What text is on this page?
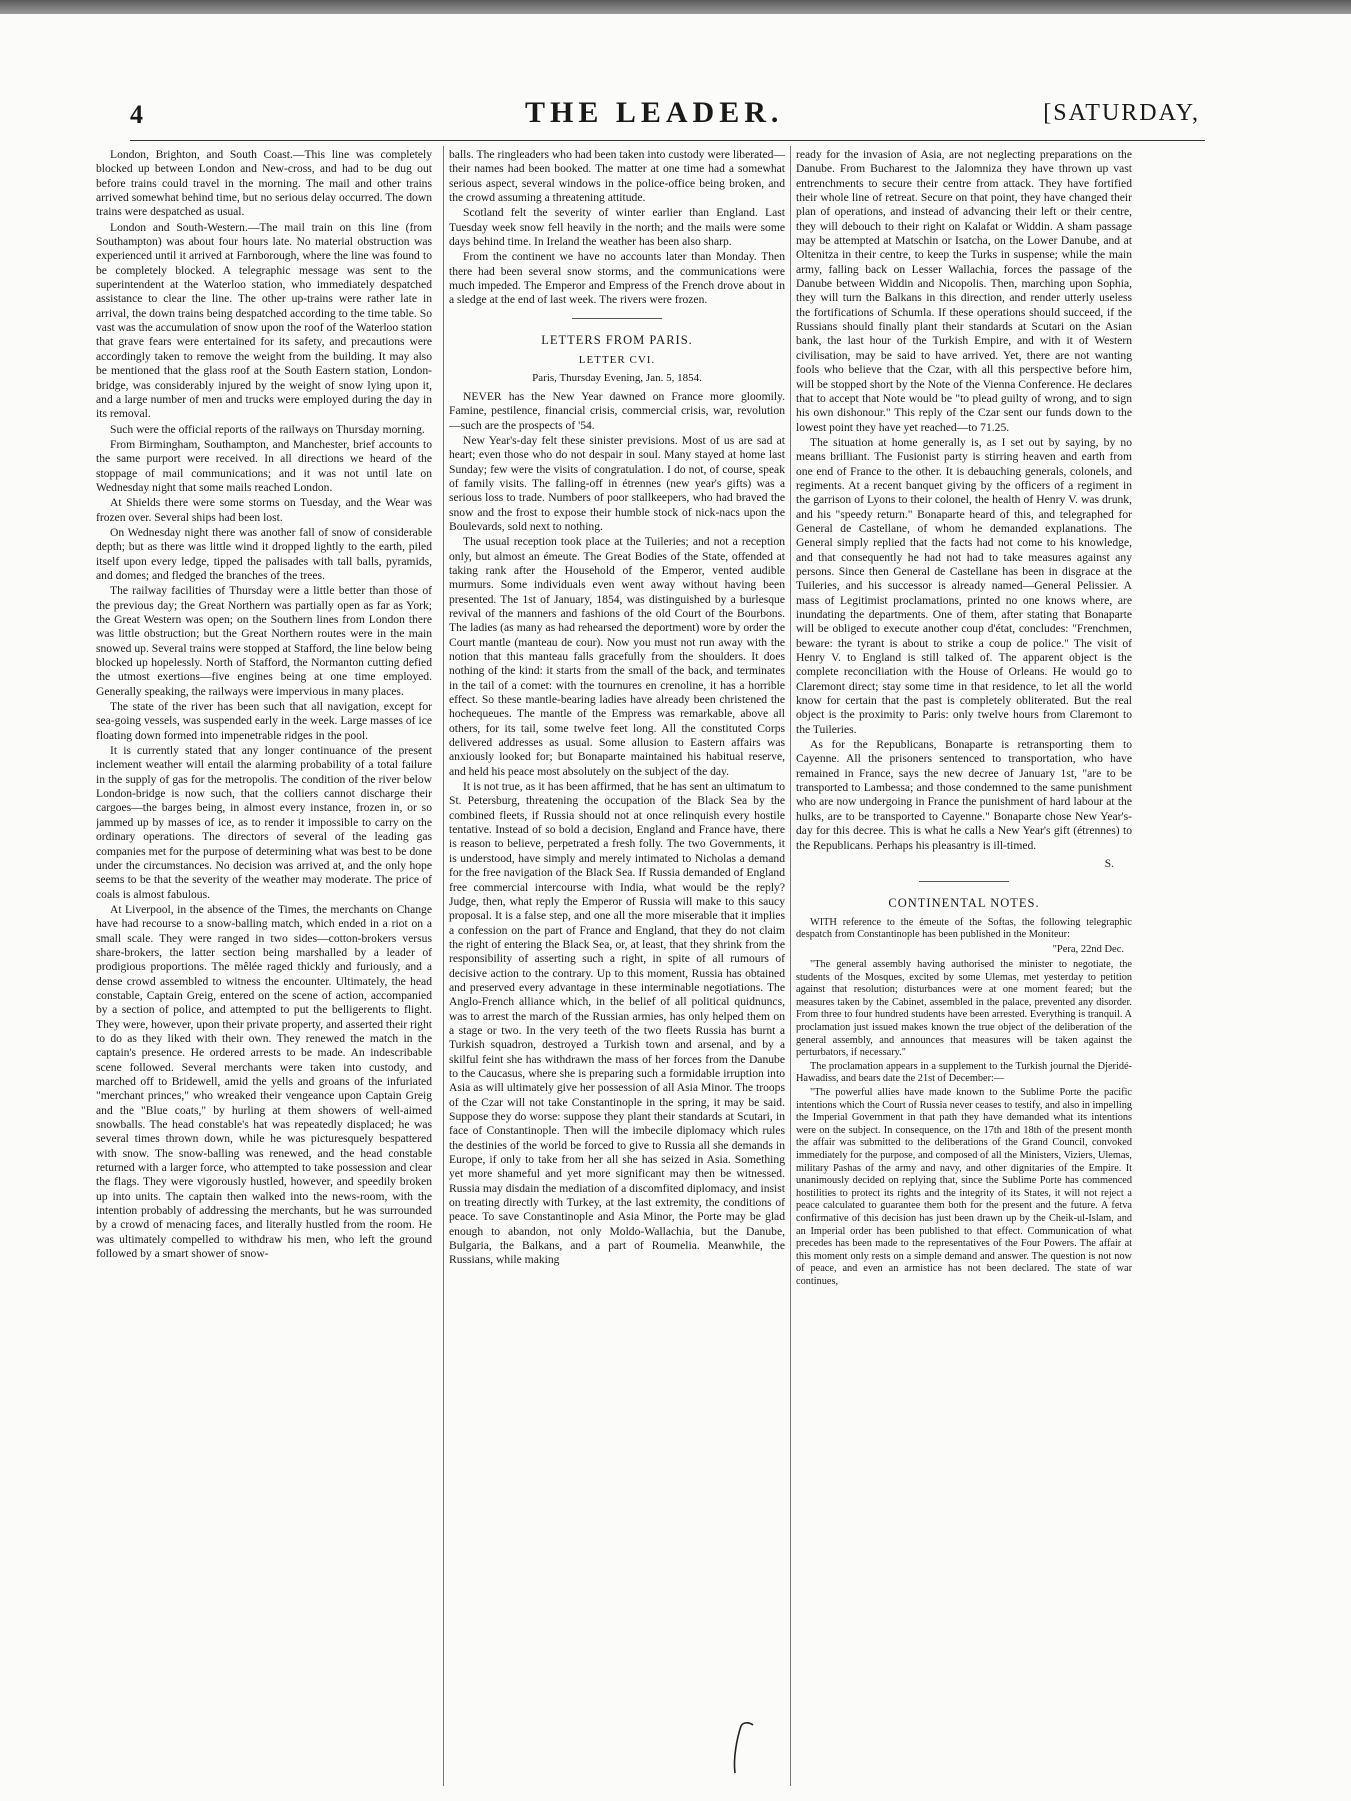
4	THE LEADER.	[SATURDAY,

London, Brighton, and South Coast.—This line was completely blocked up between London and New-cross, and had to be dug out before trains could travel in the morning. The mail and other trains arrived somewhat behind time, but no serious delay occurred. The down trains were despatched as usual.

London and South-Western.—The mail train on this line (from Southampton) was about four hours late. No material obstruction was experienced until it arrived at Farnborough, where the line was found to be completely blocked. A telegraphic message was sent to the superintendent at the Waterloo station, who immediately despatched assistance to clear the line. The other up-trains were rather late in arrival, the down trains being despatched according to the time table. So vast was the accumulation of snow upon the roof of the Waterloo station that grave fears were entertained for its safety, and precautions were accordingly taken to remove the weight from the building. It may also be mentioned that the glass roof at the South Eastern station, London-bridge, was considerably injured by the weight of snow lying upon it, and a large number of men and trucks were employed during the day in its removal.

Such were the official reports of the railways on Thursday morning.

From Birmingham, Southampton, and Manchester, brief accounts to the same purport were received. In all directions we heard of the stoppage of mail communications; and it was not until late on Wednesday night that some mails reached London.

At Shields there were some storms on Tuesday, and the Wear was frozen over. Several ships had been lost.

On Wednesday night there was another fall of snow of considerable depth; but as there was little wind it dropped lightly to the earth, piled itself upon every ledge, tipped the palisades with tall balls, pyramids, and domes; and fledged the branches of the trees.

The railway facilities of Thursday were a little better than those of the previous day; the Great Northern was partially open as far as York; the Great Western was open; on the Southern lines from London there was little obstruction; but the Great Northern routes were in the main snowed up. Several trains were stopped at Stafford, the line below being blocked up hopelessly. North of Stafford, the Normanton cutting defied the utmost exertions—five engines being at one time employed. Generally speaking, the railways were impervious in many places.

The state of the river has been such that all navigation, except for sea-going vessels, was suspended early in the week. Large masses of ice floating down formed into impenetrable ridges in the pool.

It is currently stated that any longer continuance of the present inclement weather will entail the alarming probability of a total failure in the supply of gas for the metropolis. The condition of the river below London-bridge is now such, that the colliers cannot discharge their cargoes—the barges being, in almost every instance, frozen in, or so jammed up by masses of ice, as to render it impossible to carry on the ordinary operations. The directors of several of the leading gas companies met for the purpose of determining what was best to be done under the circumstances. No decision was arrived at, and the only hope seems to be that the severity of the weather may moderate. The price of coals is almost fabulous.

At Liverpool, in the absence of the Times, the merchants on Change have had recourse to a snow-balling match, which ended in a riot on a small scale. They were ranged in two sides—cotton-brokers versus share-brokers, the latter section being marshalled by a leader of prodigious proportions. The mêlée raged thickly and furiously, and a dense crowd assembled to witness the encounter. Ultimately, the head constable, Captain Greig, entered on the scene of action, accompanied by a section of police, and attempted to put the belligerents to flight. They were, however, upon their private property, and asserted their right to do as they liked with their own. They renewed the match in the captain's presence. He ordered arrests to be made. An indescribable scene followed. Several merchants were taken into custody, and marched off to Bridewell, amid the yells and groans of the infuriated "merchant princes," who wreaked their vengeance upon Captain Greig and the "Blue coats," by hurling at them showers of well-aimed snowballs. The head constable's hat was repeatedly displaced; he was several times thrown down, while he was picturesquely bespattered with snow. The snow-balling was renewed, and the head constable returned with a larger force, who attempted to take possession and clear the flags. They were vigorously hustled, however, and speedily broken up into units. The captain then walked into the news-room, with the intention probably of addressing the merchants, but he was surrounded by a crowd of menacing faces, and literally hustled from the room. He was ultimately compelled to withdraw his men, who left the ground followed by a smart shower of snow-

balls. The ringleaders who had been taken into custody were liberated—their names had been booked. The matter at one time had a somewhat serious aspect, several windows in the police-office being broken, and the crowd assuming a threatening attitude.

Scotland felt the severity of winter earlier than England. Last Tuesday week snow fell heavily in the north; and the mails were some days behind time. In Ireland the weather has been also sharp.

From the continent we have no accounts later than Monday. Then there had been several snow storms, and the communications were much impeded. The Emperor and Empress of the French drove about in a sledge at the end of last week. The rivers were frozen.

LETTERS FROM PARIS.
LETTER CVI.
Paris, Thursday Evening, Jan. 5, 1854.

NEVER has the New Year dawned on France more gloomily. Famine, pestilence, financial crisis, commercial crisis, war, revolution—such are the prospects of '54.

New Year's-day felt these sinister previsions. Most of us are sad at heart; even those who do not despair in soul. Many stayed at home last Sunday; few were the visits of congratulation. I do not, of course, speak of family visits. The falling-off in étrennes (new year's gifts) was a serious loss to trade. Numbers of poor stallkeepers, who had braved the snow and the frost to expose their humble stock of nick-nacs upon the Boulevards, sold next to nothing.

The usual reception took place at the Tuileries; and not a reception only, but almost an émeute. The Great Bodies of the State, offended at taking rank after the Household of the Emperor, vented audible murmurs. Some individuals even went away without having been presented. The 1st of January, 1854, was distinguished by a burlesque revival of the manners and fashions of the old Court of the Bourbons. The ladies (as many as had rehearsed the deportment) wore by order the Court mantle (manteau de cour). Now you must not run away with the notion that this manteau falls gracefully from the shoulders. It does nothing of the kind: it starts from the small of the back, and terminates in the tail of a comet: with the tournures en crenoline, it has a horrible effect. So these mantle-bearing ladies have already been christened the hochequeues. The mantle of the Empress was remarkable, above all others, for its tail, some twelve feet long. All the constituted Corps delivered addresses as usual. Some allusion to Eastern affairs was anxiously looked for; but Bonaparte maintained his habitual reserve, and held his peace most absolutely on the subject of the day.

It is not true, as it has been affirmed, that he has sent an ultimatum to St. Petersburg, threatening the occupation of the Black Sea by the combined fleets, if Russia should not at once relinquish every hostile tentative. Instead of so bold a decision, England and France have, there is reason to believe, perpetrated a fresh folly. The two Governments, it is understood, have simply and merely intimated to Nicholas a demand for the free navigation of the Black Sea. If Russia demanded of England free commercial intercourse with India, what would be the reply? Judge, then, what reply the Emperor of Russia will make to this saucy proposal. It is a false step, and one all the more miserable that it implies a confession on the part of France and England, that they do not claim the right of entering the Black Sea, or, at least, that they shrink from the responsibility of asserting such a right, in spite of all rumours of decisive action to the contrary. Up to this moment, Russia has obtained and preserved every advantage in these interminable negotiations. The Anglo-French alliance which, in the belief of all political quidnuncs, was to arrest the march of the Russian armies, has only helped them on a stage or two. In the very teeth of the two fleets Russia has burnt a Turkish squadron, destroyed a Turkish town and arsenal, and by a skilful feint she has withdrawn the mass of her forces from the Danube to the Caucasus, where she is preparing such a formidable irruption into Asia as will ultimately give her possession of all Asia Minor. The troops of the Czar will not take Constantinople in the spring, it may be said. Suppose they do worse: suppose they plant their standards at Scutari, in face of Constantinople. Then will the imbecile diplomacy which rules the destinies of the world be forced to give to Russia all she demands in Europe, if only to take from her all she has seized in Asia. Something yet more shameful and yet more significant may then be witnessed. Russia may disdain the mediation of a discomfited diplomacy, and insist on treating directly with Turkey, at the last extremity, the conditions of peace. To save Constantinople and Asia Minor, the Porte may be glad enough to abandon, not only Moldo-Wallachia, but the Danube, Bulgaria, the Balkans, and a part of Roumelia. Meanwhile, the Russians, while making

ready for the invasion of Asia, are not neglecting preparations on the Danube. From Bucharest to the Jalomniza they have thrown up vast entrenchments to secure their centre from attack. They have fortified their whole line of retreat. Secure on that point, they have changed their plan of operations, and instead of advancing their left or their centre, they will debouch to their right on Kalafat or Widdin. A sham passage may be attempted at Matschin or Isatcha, on the Lower Danube, and at Oltenitza in their centre, to keep the Turks in suspense; while the main army, falling back on Lesser Wallachia, forces the passage of the Danube between Widdin and Nicopolis. Then, marching upon Sophia, they will turn the Balkans in this direction, and render utterly useless the fortifications of Schumla. If these operations should succeed, if the Russians should finally plant their standards at Scutari on the Asian bank, the last hour of the Turkish Empire, and with it of Western civilisation, may be said to have arrived. Yet, there are not wanting fools who believe that the Czar, with all this perspective before him, will be stopped short by the Note of the Vienna Conference. He declares that to accept that Note would be "to plead guilty of wrong, and to sign his own dishonour." This reply of the Czar sent our funds down to the lowest point they have yet reached—to 71.25.

The situation at home generally is, as I set out by saying, by no means brilliant. The Fusionist party is stirring heaven and earth from one end of France to the other. It is debauching generals, colonels, and regiments. At a recent banquet giving by the officers of a regiment in the garrison of Lyons to their colonel, the health of Henry V. was drunk, and his "speedy return." Bonaparte heard of this, and telegraphed for General de Castellane, of whom he demanded explanations. The General simply replied that the facts had not come to his knowledge, and that consequently he had not had to take measures against any persons. Since then General de Castellane has been in disgrace at the Tuileries, and his successor is already named—General Pelissier. A mass of Legitimist proclamations, printed no one knows where, are inundating the departments. One of them, after stating that Bonaparte will be obliged to execute another coup d'état, concludes: "Frenchmen, beware: the tyrant is about to strike a coup de police." The visit of Henry V. to England is still talked of. The apparent object is the complete reconciliation with the House of Orleans. He would go to Claremont direct; stay some time in that residence, to let all the world know for certain that the past is completely obliterated. But the real object is the proximity to Paris: only twelve hours from Claremont to the Tuileries.

As for the Republicans, Bonaparte is retransporting them to Cayenne. All the prisoners sentenced to transportation, who have remained in France, says the new decree of January 1st, "are to be transported to Lambessa; and those condemned to the same punishment who are now undergoing in France the punishment of hard labour at the hulks, are to be transported to Cayenne." Bonaparte chose New Year's-day for this decree. This is what he calls a New Year's gift (étrennes) to the Republicans. Perhaps his pleasantry is ill-timed.

S.
CONTINENTAL NOTES.

WITH reference to the émeute of the Softas, the following telegraphic despatch from Constantinople has been published in the Moniteur:

"Pera, 22nd Dec.

"The general assembly having authorised the minister to negotiate, the students of the Mosques, excited by some Ulemas, met yesterday to petition against that resolution; disturbances were at one moment feared; but the measures taken by the Cabinet, assembled in the palace, prevented any disorder. From three to four hundred students have been arrested. Everything is tranquil. A proclamation just issued makes known the true object of the deliberation of the general assembly, and announces that measures will be taken against the perturbators, if necessary."

The proclamation appears in a supplement to the Turkish journal the Djeridé-Hawadiss, and bears date the 21st of December:—

"The powerful allies have made known to the Sublime Porte the pacific intentions which the Court of Russia never ceases to testify, and also in impelling the Imperial Government in that path they have demanded what its intentions were on the subject. In consequence, on the 17th and 18th of the present month the affair was submitted to the deliberations of the Grand Council, convoked immediately for the purpose, and composed of all the Ministers, Viziers, Ulemas, military Pashas of the army and navy, and other dignitaries of the Empire. It unanimously decided on replying that, since the Sublime Porte has commenced hostilities to protect its rights and the integrity of its States, it will not reject a peace calculated to guarantee them both for the present and the future. A fetva confirmative of this decision has just been drawn up by the Cheik-ul-Islam, and an Imperial order has been published to that effect. Communication of what precedes has been made to the representatives of the Four Powers. The affair at this moment only rests on a simple demand and answer. The question is not now of peace, and even an armistice has not been declared. The state of war continues,
